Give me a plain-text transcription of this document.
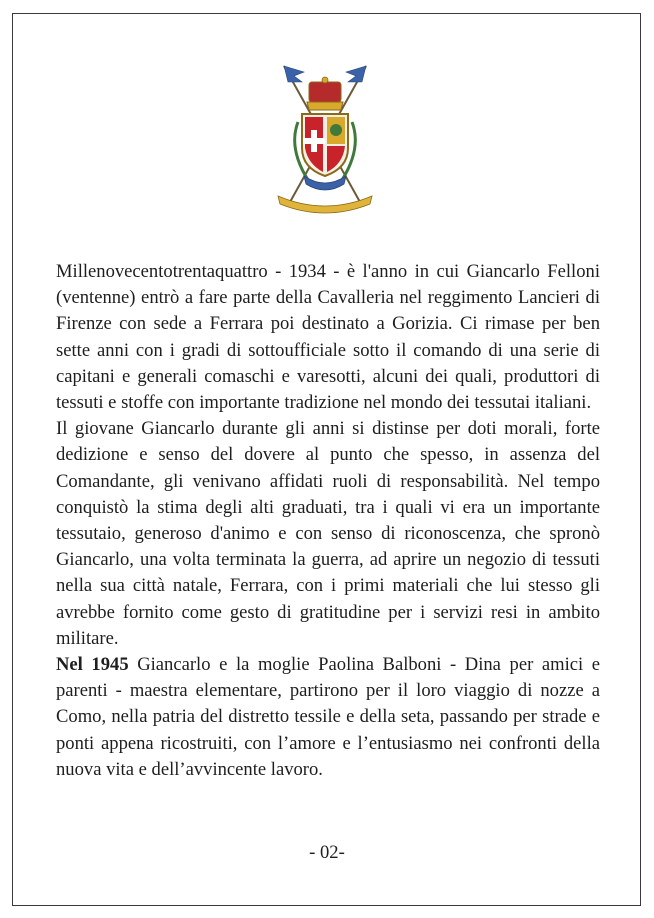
Millenovecentotrentaquattro - 1934 - è l'anno in cui Giancarlo Felloni (ventenne) entrò a fare parte della Cavalleria nel reggimento Lancieri di Firenze con sede a Ferrara poi destinato a Gorizia. Ci rimase per ben sette anni con i gradi di sottoufficiale sotto il comando di una serie di capitani e generali comaschi e varesotti, alcuni dei quali, produttori di tessuti e stoffe con importante tradizione nel mondo dei tessutai italiani.

Il giovane Giancarlo durante gli anni si distinse per doti morali, forte dedizione e senso del dovere al punto che spesso, in assenza del Comandante, gli venivano affidati ruoli di responsabilità. Nel tempo conquistò la stima degli alti graduati, tra i quali vi era un importante tessutaio, generoso d'animo e con senso di riconoscenza, che spronò Giancarlo, una volta terminata la guerra, ad aprire un negozio di tessuti nella sua città natale, Ferrara, con i primi materiali che lui stesso gli avrebbe fornito come gesto di gratitudine per i servizi resi in ambito militare.

Nel 1945 Giancarlo e la moglie Paolina Balboni - Dina per amici e parenti - maestra elementare, partirono per il loro viaggio di nozze a Como, nella patria del distretto tessile e della seta, passando per strade e ponti appena ricostruiti, con l’amore e l’entusiasmo nei confronti della nuova vita e dell’avvincente lavoro.

- 02-
